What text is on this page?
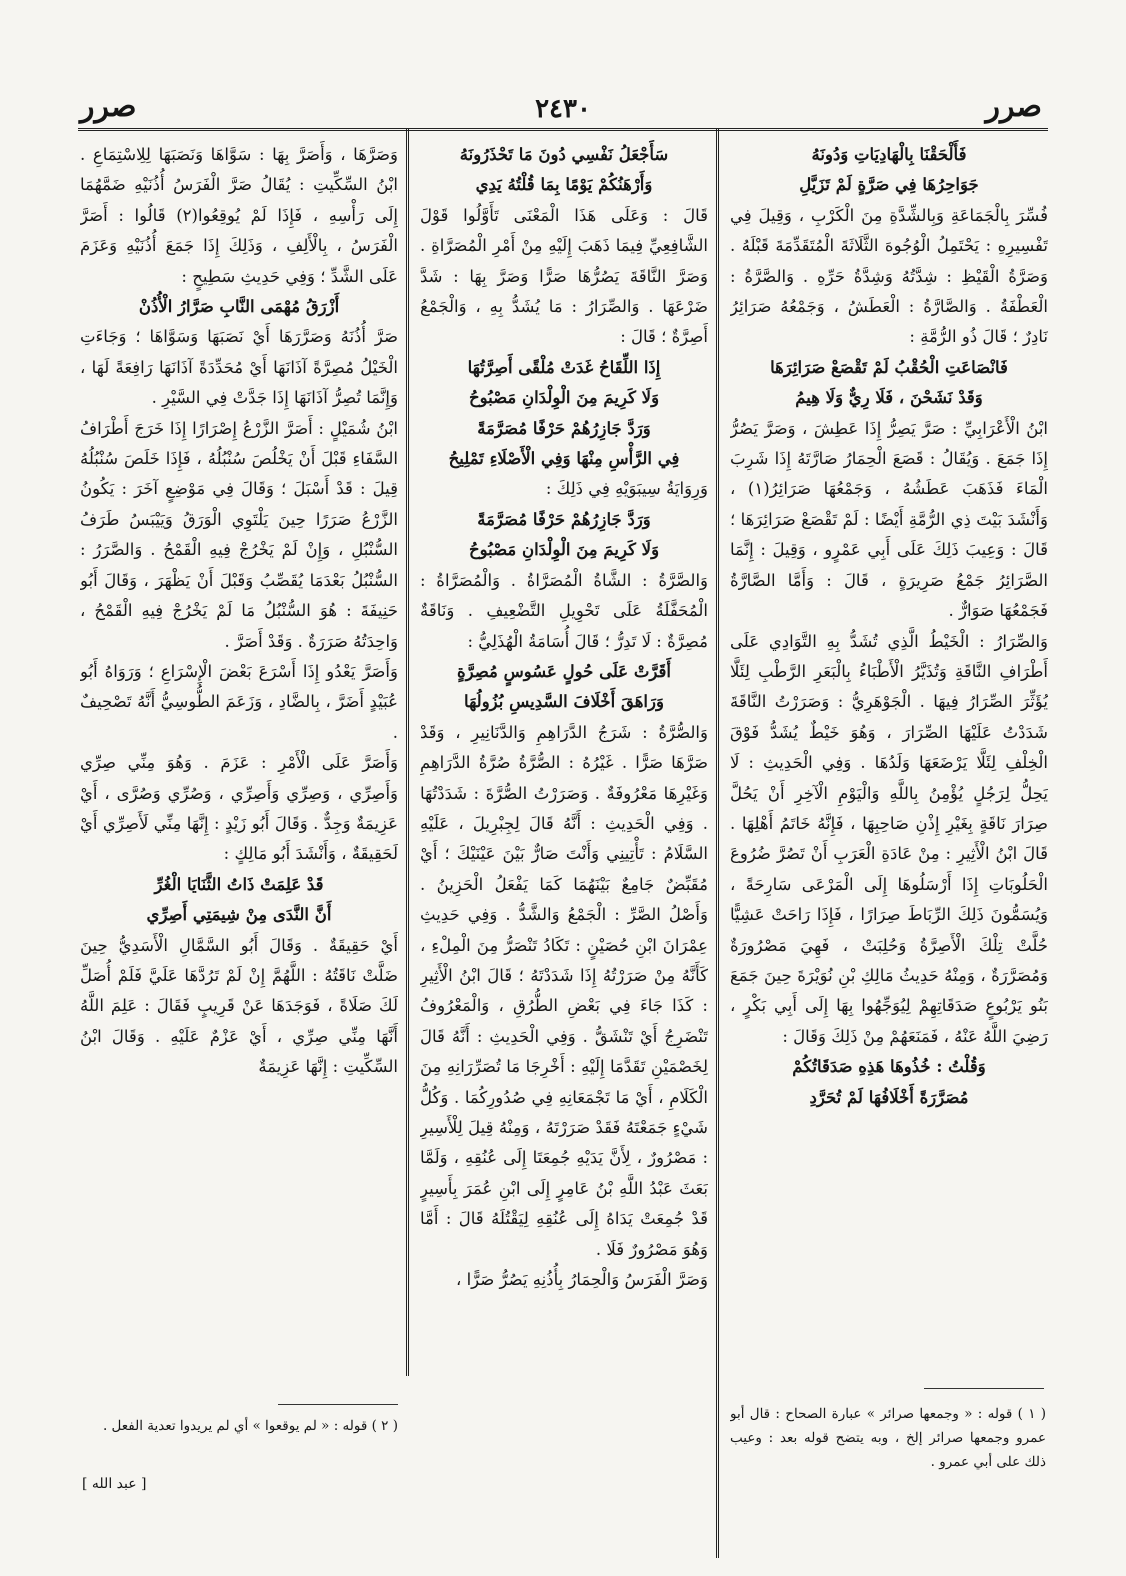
صرر
٢٤٣٠
صرر

فَأَلْحَقْنَا بِالْهَادِيَاتِ وَدُونَهُ

جَوَاحِرُهَا فِي صَرَّةٍ لَمْ تَزَيَّلِ

فُسِّرَ بِالْجَمَاعَةِ وَبِالشِّدَّةِ مِنَ الْكَرْبِ ، وَقِيلَ فِي تَفْسِيرِهِ : يَحْتَمِلُ الْوُجُوهَ الثَّلَاثَةَ الْمُتَقَدِّمَةَ قَبْلَهُ . وَصَرَّةُ الْقَيْظِ : شِدَّتُهُ وَشِدَّةُ حَرِّهِ . وَالصَّرَّةُ : الْعَطْفَةُ . وَالصَّارَّةُ : الْعَطَشُ ، وَجَمْعُهُ صَرَائِرُ نَادِرٌ ؛ قَالَ ذُو الرُّمَّةِ :

فَانْصَاعَتِ الْحُقْبُ لَمْ تَقْصَعْ صَرَائِرَهَا

وَقَدْ نَشَحْنَ ، فَلَا رِيٌّ وَلَا هِيمُ

ابْنُ الْأَعْرَابِيِّ : صَرَّ يَصِرُّ إِذَا عَطِشَ ، وَصَرَّ يَصُرُّ إِذَا جَمَعَ . وَيُقَالُ : قَصَعَ الْحِمَارُ صَارَّتَهُ إِذَا شَرِبَ الْمَاءَ فَذَهَبَ عَطَشُهُ ، وَجَمْعُهَا صَرَائِرُ(١) ، وَأَنْشَدَ بَيْتَ ذِي الرُّمَّةِ أَيْضًا : لَمْ تَقْصَعْ صَرَائِرَهَا ؛ قَالَ : وَعِيبَ ذَلِكَ عَلَى أَبِي عَمْرٍو ، وَقِيلَ : إِنَّمَا الصَّرَائِرُ جَمْعُ صَرِيرَةٍ ، قَالَ : وَأَمَّا الصَّارَّةُ فَجَمْعُهَا صَوَارٌّ .

وَالصِّرَارُ : الْخَيْطُ الَّذِي تُشَدُّ بِهِ التَّوَادِي عَلَى أَطْرَافِ النَّاقَةِ وَتُذَيَّرُ الْأَطْبَاءُ بِالْبَعَرِ الرَّطْبِ لِئَلَّا يُؤَثِّرَ الصِّرَارُ فِيهَا . الْجَوْهَرِيُّ : وَصَرَرْتُ النَّاقَةَ شَدَدْتُ عَلَيْهَا الصِّرَارَ ، وَهُوَ خَيْطٌ يُشَدُّ فَوْقَ الْخِلْفِ لِئَلَّا يَرْضَعَهَا وَلَدُهَا . وَفِي الْحَدِيثِ : لَا يَحِلُّ لِرَجُلٍ يُؤْمِنُ بِاللَّهِ وَالْيَوْمِ الْآخِرِ أَنْ يَحُلَّ صِرَارَ نَاقَةٍ بِغَيْرِ إِذْنِ صَاحِبِهَا ، فَإِنَّهُ خَاتَمُ أَهْلِهَا . قَالَ ابْنُ الْأَثِيرِ : مِنْ عَادَةِ الْعَرَبِ أَنْ تَصُرَّ ضُرُوعَ الْحَلُوبَاتِ إِذَا أَرْسَلُوهَا إِلَى الْمَرْعَى سَارِحَةً ، وَيُسَمُّونَ ذَلِكَ الرِّبَاطَ صِرَارًا ، فَإِذَا رَاحَتْ عَشِيًّا حُلَّتْ تِلْكَ الْأَصِرَّةُ وَحُلِبَتْ ، فَهِيَ مَصْرُورَةٌ وَمُصَرَّرَةٌ ، وَمِنْهُ حَدِيثُ مَالِكِ بْنِ نُوَيْرَةَ حِينَ جَمَعَ بَنُو يَرْبُوعٍ صَدَقَاتِهِمْ لِيُوَجِّهُوا بِهَا إِلَى أَبِي بَكْرٍ ، رَضِيَ اللَّهُ عَنْهُ ، فَمَنَعَهُمْ مِنْ ذَلِكَ وَقَالَ :

وَقُلْتُ : خُذُوهَا هَذِهِ صَدَقَاتُكُمْ

مُصَرَّرَةً أَخْلَافُهَا لَمْ تُحَرَّدِ

سَأَجْعَلُ نَفْسِي دُونَ مَا تَحْذَرُونَهُ

وَأَرْهَنُكُمْ يَوْمًا بِمَا قُلْتُهُ يَدِي

قَالَ : وَعَلَى هَذَا الْمَعْنَى تَأَوَّلُوا قَوْلَ الشَّافِعِيِّ فِيمَا ذَهَبَ إِلَيْهِ مِنْ أَمْرِ الْمُصَرَّاةِ . وَصَرَّ النَّاقَةَ يَصُرُّهَا صَرًّا وَصَرَّ بِهَا : شَدَّ ضَرْعَهَا . وَالصِّرَارُ : مَا يُشَدُّ بِهِ ، وَالْجَمْعُ أَصِرَّةٌ ؛ قَالَ :

إِذَا اللِّقَاحُ غَدَتْ مُلْقًى أَصِرَّتُهَا

وَلَا كَرِيمَ مِنَ الْوِلْدَانِ مَصْبُوحُ

وَرَدَّ جَازِرُهُمْ حَرْفًا مُصَرَّمَةً

فِي الرَّأْسِ مِنْهَا وَفِي الْأَصْلَاءِ تَمْلِيحُ

وَرِوَايَةُ سِيبَوَيْهِ فِي ذَلِكَ :

وَرَدَّ جَازِرُهُمْ حَرْفًا مُصَرَّمَةً

وَلَا كَرِيمَ مِنَ الْوِلْدَانِ مَصْبُوحُ

وَالصَّرَّةُ : الشَّاةُ الْمُصَرَّاةُ . وَالْمُصَرَّاةُ : الْمُحَفَّلَةُ عَلَى تَحْوِيلِ التَّضْعِيفِ . وَنَاقَةٌ مُصِرَّةٌ : لَا تَدِرُّ ؛ قَالَ أُسَامَةُ الْهُذَلِيُّ :

أَقَرَّتْ عَلَى حُولٍ عَسُوسٍ مُصِرَّةٍ

وَرَاهَقَ أَخْلَافَ السَّدِيسِ بُزُولُهَا

وَالصُّرَّةُ : شَرَجُ الدَّرَاهِمِ وَالدَّنَانِيرِ ، وَقَدْ صَرَّهَا صَرًّا . غَيْرُهُ : الصُّرَّةُ صُرَّةُ الدَّرَاهِمِ وَغَيْرِهَا مَعْرُوفَةٌ . وَصَرَرْتُ الصُّرَّةَ : شَدَدْتُهَا . وَفِي الْحَدِيثِ : أَنَّهُ قَالَ لِجِبْرِيلَ ، عَلَيْهِ السَّلَامُ : تَأْتِينِي وَأَنْتَ صَارٌّ بَيْنَ عَيْنَيْكَ ؛ أَيْ مُقَبِّضٌ جَامِعٌ بَيْنَهُمَا كَمَا يَفْعَلُ الْحَزِينُ . وَأَصْلُ الصَّرِّ : الْجَمْعُ وَالشَّدُّ . وَفِي حَدِيثِ عِمْرَانَ ابْنِ حُصَيْنٍ : تَكَادُ تَنْصَرُّ مِنَ الْمِلْءِ ، كَأَنَّهُ مِنْ صَرَرْتُهُ إِذَا شَدَدْتَهُ ؛ قَالَ ابْنُ الْأَثِيرِ : كَذَا جَاءَ فِي بَعْضِ الطُّرُقِ ، وَالْمَعْرُوفُ تَنْضَرِجُ أَيْ تَنْشَقُّ . وَفِي الْحَدِيثِ : أَنَّهُ قَالَ لِخَصْمَيْنِ تَقَدَّمَا إِلَيْهِ : أَخْرِجَا مَا تُصَرِّرَانِهِ مِنَ الْكَلَامِ ، أَيْ مَا تَجْمَعَانِهِ فِي صُدُورِكُمَا . وَكُلُّ شَيْءٍ جَمَعْتَهُ فَقَدْ صَرَرْتَهُ ، وَمِنْهُ قِيلَ لِلْأَسِيرِ : مَصْرُورٌ ، لِأَنَّ يَدَيْهِ جُمِعَتَا إِلَى عُنُقِهِ ، وَلَمَّا بَعَثَ عَبْدُ اللَّهِ بْنُ عَامِرٍ إِلَى ابْنِ عُمَرَ بِأَسِيرٍ قَدْ جُمِعَتْ يَدَاهُ إِلَى عُنُقِهِ لِيَقْتُلَهُ قَالَ : أَمَّا وَهُوَ مَصْرُورٌ فَلَا .

وَصَرَّ الْفَرَسُ وَالْحِمَارُ بِأُذُنِهِ يَصُرُّ صَرًّا ،

وَصَرَّهَا ، وَأَصَرَّ بِهَا : سَوَّاهَا وَنَصَبَهَا لِلِاسْتِمَاعِ . ابْنُ السِّكِّيتِ : يُقَالُ صَرَّ الْفَرَسُ أُذُنَيْهِ ضَمَّهُمَا إِلَى رَأْسِهِ ، فَإِذَا لَمْ يُوقِعُوا(٢) قَالُوا : أَصَرَّ الْفَرَسُ ، بِالْأَلِفِ ، وَذَلِكَ إِذَا جَمَعَ أُذُنَيْهِ وَعَزَمَ عَلَى الشَّدِّ ؛ وَفِي حَدِيثِ سَطِيحٍ :

أَزْرَقُ مُهْمَى النَّابِ صَرَّارُ الْأُذُنْ

صَرَّ أُذُنَهُ وَصَرَّرَهَا أَيْ نَصَبَهَا وَسَوَّاهَا ؛ وَجَاءَتِ الْخَيْلُ مُصِرَّةً آذَانَهَا أَيْ مُحَدِّدَةً آذَانَهَا رَافِعَةً لَهَا ، وَإِنَّمَا تُصِرُّ آذَانَهَا إِذَا جَدَّتْ فِي السَّيْرِ .

ابْنُ شُمَيْلٍ : أَصَرَّ الزَّرْعُ إِصْرَارًا إِذَا خَرَجَ أَطْرَافُ السَّفَاءِ قَبْلَ أَنْ يَخْلُصَ سُنْبُلُهُ ، فَإِذَا خَلَصَ سُنْبُلُهُ قِيلَ : قَدْ أَسْبَلَ ؛ وَقَالَ فِي مَوْضِعٍ آخَرَ : يَكُونُ الزَّرْعُ صَرَرًا حِينَ يَلْتَوِي الْوَرَقُ وَيَيْبَسُ طَرَفُ السُّنْبُلِ ، وَإِنْ لَمْ يَخْرُجْ فِيهِ الْقَمْحُ . وَالصَّرَرُ : السُّنْبُلُ بَعْدَمَا يُقَصِّبُ وَقَبْلَ أَنْ يَظْهَرَ ، وَقَالَ أَبُو حَنِيفَةَ : هُوَ السُّنْبُلُ مَا لَمْ يَخْرُجْ فِيهِ الْقَمْحُ ، وَاحِدَتُهُ صَرَرَةٌ . وَقَدْ أَصَرَّ .

وَأَصَرَّ يَعْدُو إِذَا أَسْرَعَ بَعْضَ الْإِسْرَاعِ ؛ وَرَوَاهُ أَبُو عُبَيْدٍ أَضَرَّ ، بِالضَّادِ ، وَزَعَمَ الطُّوسِيُّ أَنَّهُ تَصْحِيفٌ .

وَأَصَرَّ عَلَى الْأَمْرِ : عَزَمَ . وَهُوَ مِنِّي صِرِّي وَأَصِرِّي ، وَصِرِّي وَأَصِرِّي ، وَصُرِّي وَصُرَّى ، أَيْ عَزِيمَةٌ وَجِدٌّ . وَقَالَ أَبُو زَيْدٍ : إِنَّهَا مِنِّي لَأَصِرِّي أَيْ لَحَقِيقَةٌ ، وَأَنْشَدَ أَبُو مَالِكٍ :

قَدْ عَلِمَتْ ذَاتُ الثَّنَايَا الْغُرِّ

أَنَّ النَّدَى مِنْ شِيمَتِي أَصِرِّي

أَيْ حَقِيقَةٌ . وَقَالَ أَبُو السَّمَّالِ الْأَسَدِيُّ حِينَ ضَلَّتْ نَاقَتُهُ : اللَّهُمَّ إِنْ لَمْ تَرُدَّهَا عَلَيَّ فَلَمْ أُصَلِّ لَكَ صَلَاةً ، فَوَجَدَهَا عَنْ قَرِيبٍ فَقَالَ : عَلِمَ اللَّهُ أَنَّهَا مِنِّي صِرِّي ، أَيْ عَزْمٌ عَلَيْهِ . وَقَالَ ابْنُ السِّكِّيتِ : إِنَّهَا عَزِيمَةٌ

( ١ ) قوله : « وجمعها صرائر » عبارة الصحاح : قال أبو عمرو وجمعها صرائر إلخ ، وبه يتضح قوله بعد : وعيب ذلك على أبي عمرو .
( ٢ ) قوله : « لم يوقعوا » أي لم يريدوا تعدية الفعل .
[ عبد الله ]
